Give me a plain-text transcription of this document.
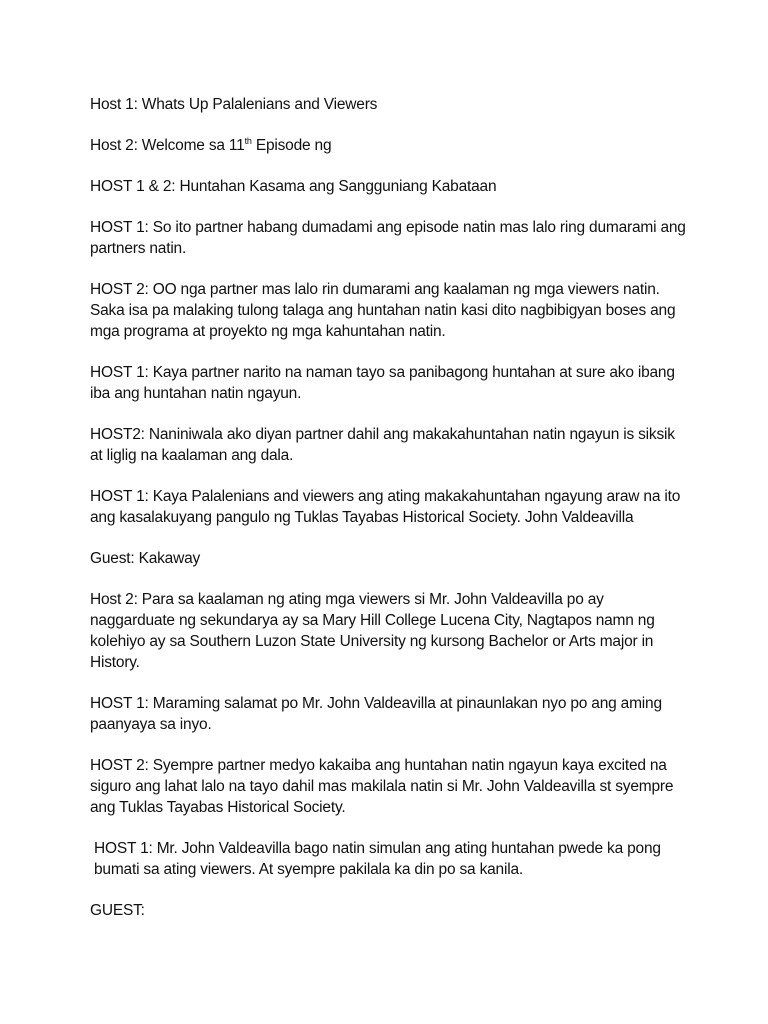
Host 1: Whats Up Palalenians and Viewers

Host 2: Welcome sa 11th Episode ng

HOST 1 & 2: Huntahan Kasama ang Sangguniang Kabataan

HOST 1: So ito partner habang dumadami ang episode natin mas lalo ring dumarami ang partners natin.

HOST 2: OO nga partner mas lalo rin dumarami ang kaalaman ng mga viewers natin. Saka isa pa malaking tulong talaga ang huntahan natin kasi dito nagbibigyan boses ang mga programa at proyekto ng mga kahuntahan natin.

HOST 1: Kaya partner narito na naman tayo sa panibagong huntahan at sure ako ibang iba ang huntahan natin ngayun.

HOST2: Naniniwala ako diyan partner dahil ang makakahuntahan natin ngayun is siksik at liglig na kaalaman ang dala.

HOST 1: Kaya Palalenians and viewers ang ating makakahuntahan ngayung araw na ito ang kasalakuyang pangulo ng Tuklas Tayabas Historical Society. John Valdeavilla

Guest: Kakaway

Host 2: Para sa kaalaman ng ating mga viewers si Mr. John Valdeavilla po ay naggarduate ng sekundarya ay sa Mary Hill College Lucena City, Nagtapos namn ng kolehiyo ay sa Southern Luzon State University ng kursong Bachelor or Arts major in History.

HOST 1: Maraming salamat po Mr. John Valdeavilla at pinaunlakan nyo po ang aming paanyaya sa inyo.

HOST 2: Syempre partner medyo kakaiba ang huntahan natin ngayun kaya excited na siguro ang lahat lalo na tayo dahil mas makilala natin si Mr. John Valdeavilla st syempre ang Tuklas Tayabas Historical Society.

HOST 1: Mr. John Valdeavilla bago natin simulan ang ating huntahan pwede ka pong bumati sa ating viewers. At syempre pakilala ka din po sa kanila.

GUEST:
